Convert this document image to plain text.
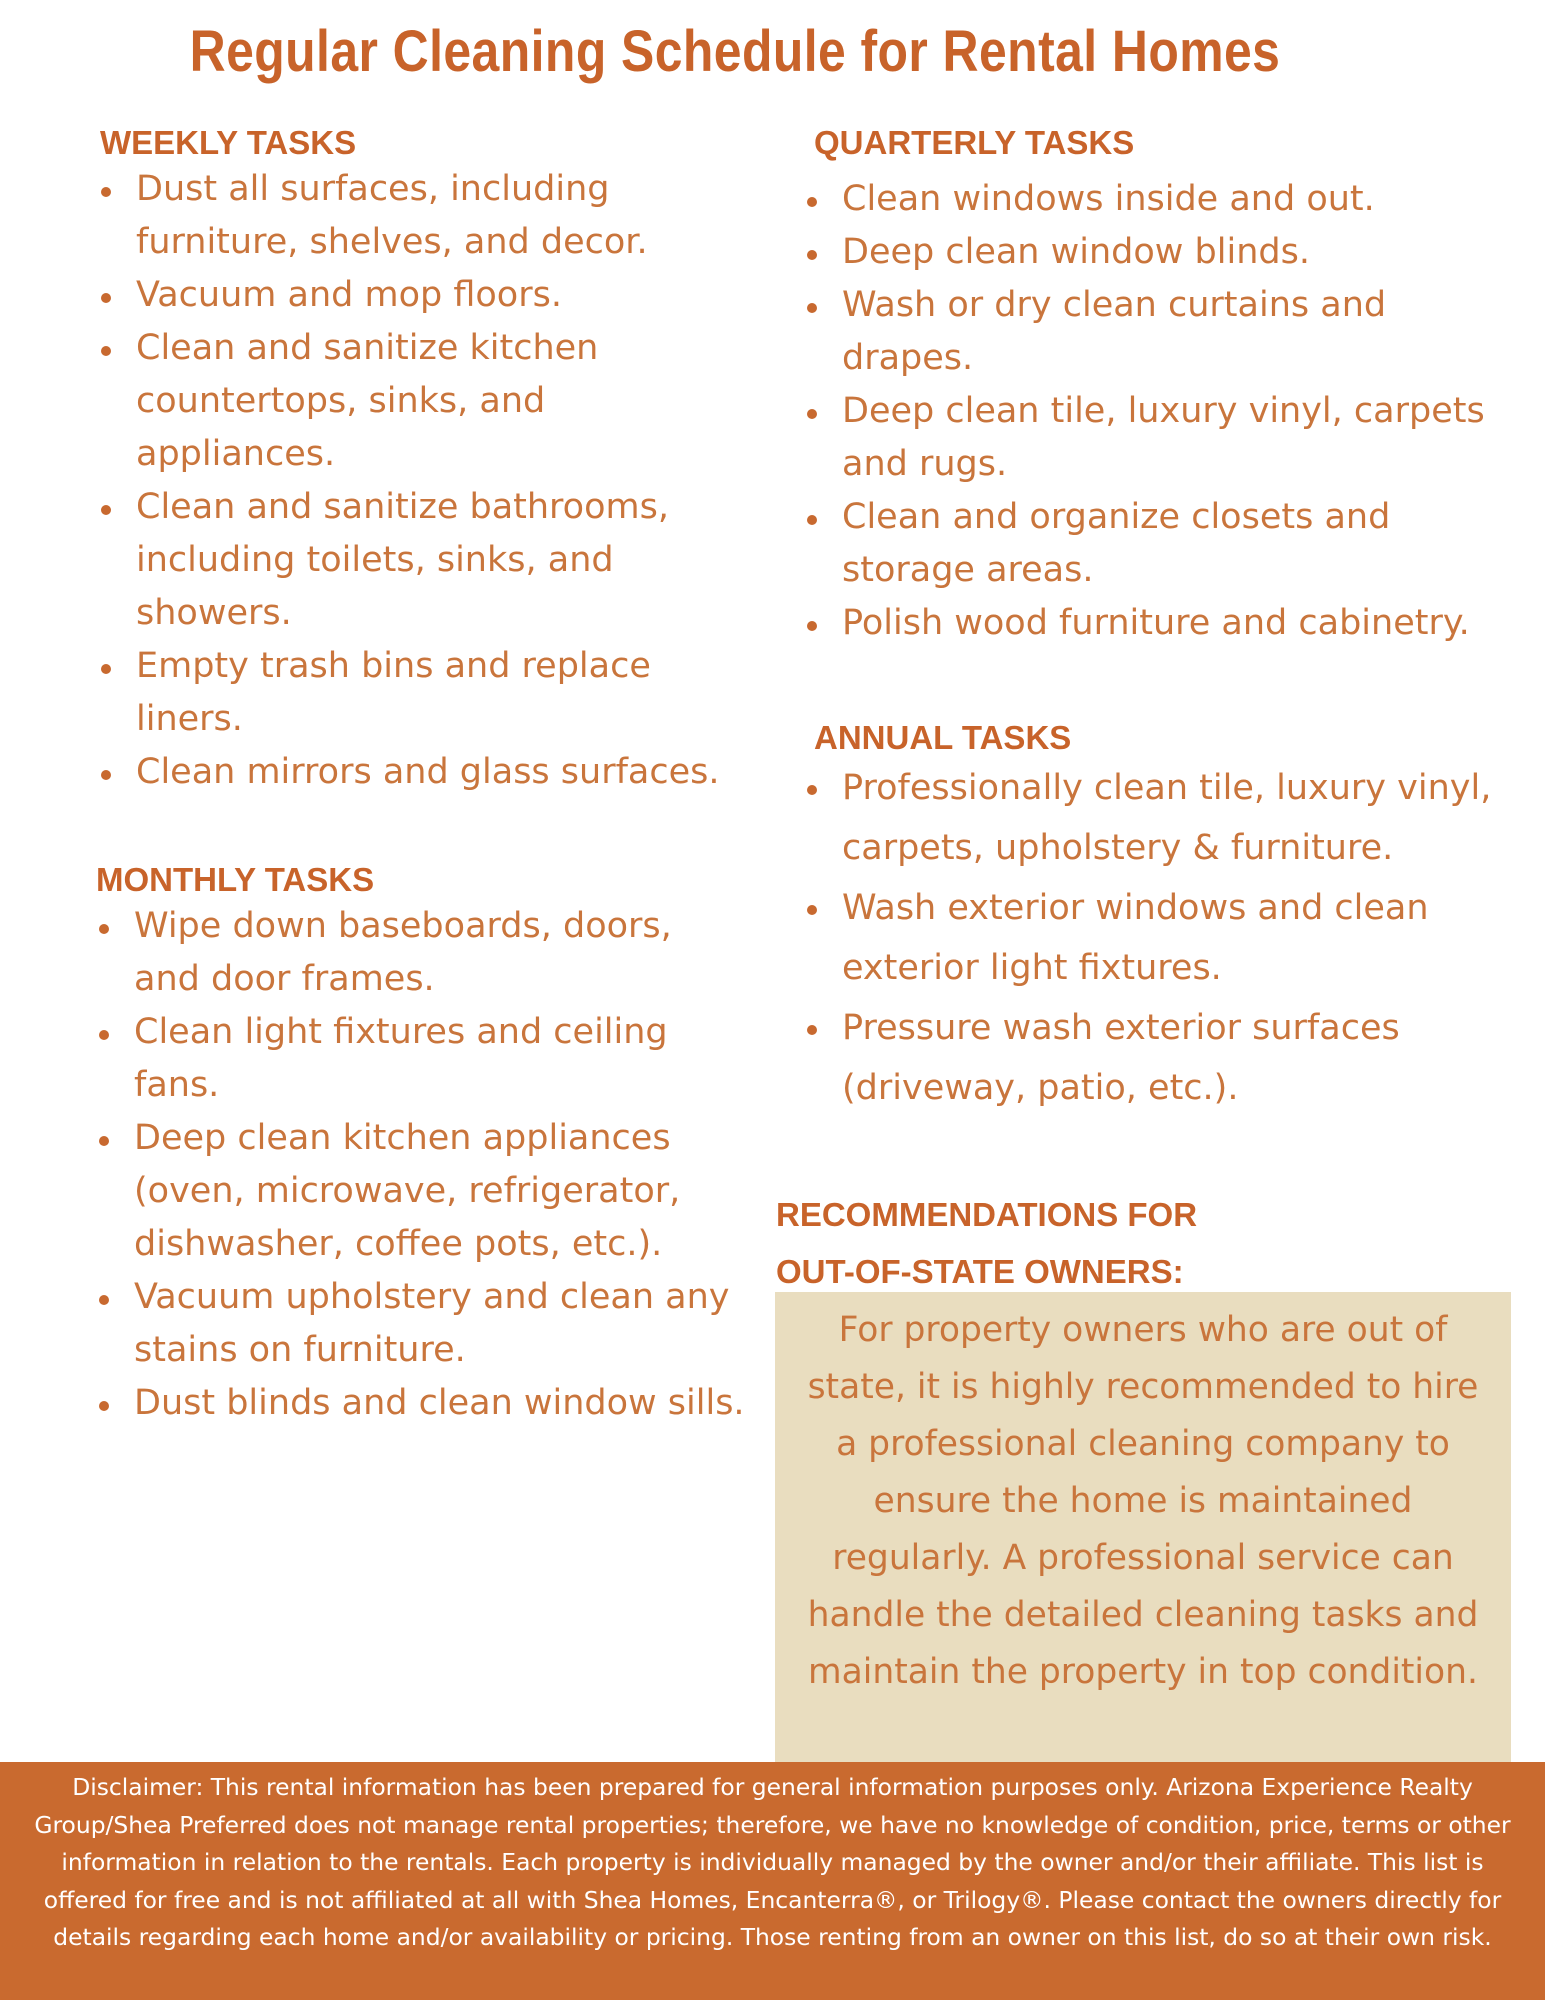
Regular Cleaning Schedule for Rental Homes
WEEKLY TASKS
Dust all surfaces, including furniture, shelves, and decor.
Vacuum and mop floors.
Clean and sanitize kitchen countertops, sinks, and appliances.
Clean and sanitize bathrooms, including toilets, sinks, and showers.
Empty trash bins and replace liners.
Clean mirrors and glass surfaces.
MONTHLY TASKS
Wipe down baseboards, doors, and door frames.
Clean light fixtures and ceiling fans.
Deep clean kitchen appliances (oven, microwave, refrigerator, dishwasher, coffee pots, etc.).
Vacuum upholstery and clean any stains on furniture.
Dust blinds and clean window sills.
QUARTERLY TASKS
Clean windows inside and out.
Deep clean window blinds.
Wash or dry clean curtains and drapes.
Deep clean tile, luxury vinyl, carpets and rugs.
Clean and organize closets and storage areas.
Polish wood furniture and cabinetry.
ANNUAL TASKS
Professionally clean tile, luxury vinyl, carpets, upholstery & furniture.
Wash exterior windows and clean exterior light fixtures.
Pressure wash exterior surfaces (driveway, patio, etc.).
RECOMMENDATIONS FOR
OUT-OF-STATE OWNERS:
For property owners who are out of state, it is highly recommended to hire a professional cleaning company to ensure the home is maintained regularly. A professional service can handle the detailed cleaning tasks and maintain the property in top condition.
Disclaimer: This rental information has been prepared for general information purposes only. Arizona Experience Realty Group/Shea Preferred does not manage rental properties; therefore, we have no knowledge of condition, price, terms or other information in relation to the rentals. Each property is individually managed by the owner and/or their affiliate. This list is offered for free and is not affiliated at all with Shea Homes, Encanterra®, or Trilogy®. Please contact the owners directly for details regarding each home and/or availability or pricing. Those renting from an owner on this list, do so at their own risk.
